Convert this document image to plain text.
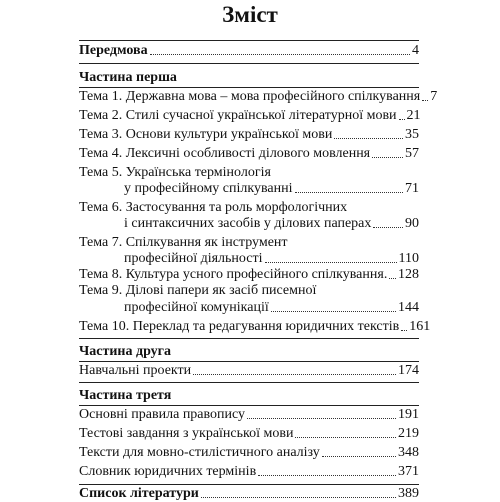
Зміст
Передмова	4
Частина перша
Тема 1. Державна мова – мова професійного спілкування 7
Тема 2. Стилі сучасної української літературної мови 21
Тема 3. Основи культури української мови	35
Тема 4. Лексичні особливості ділового мовлення 57
Тема 5. Українська термінологія
у професійному спілкуванні	71
Тема 6. Застосування та роль морфологічних
і синтаксичних засобів у ділових паперах 90
Тема 7. Спілкування як інструмент
професійної діяльності	110
Тема 8. Культура усного професійного спілкування. 128
Тема 9. Ділові папери як засіб писемної
професійної комунікації	144
Тема 10. Переклад та редагування юридичних текстів 161
Частина друга
Навчальні проекти	174
Частина третя
Основні правила правопису	191
Тестові завдання з української мови	219
Тексти для мовно-стилістичного аналізу	348
Словник юридичних термінів	371
Список літератури	389
